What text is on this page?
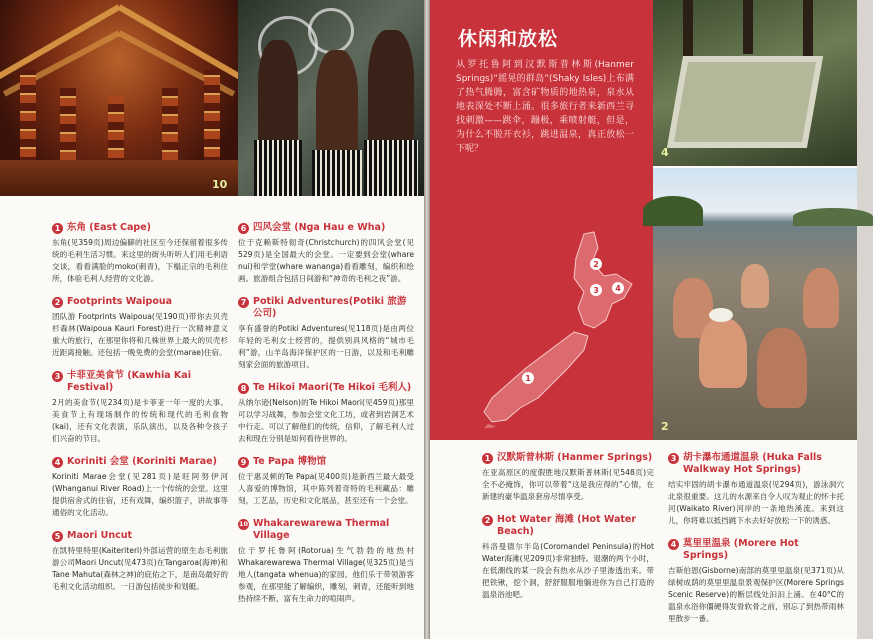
10
1 东角 (East Cape)
东角(见359页)周边偏僻的社区至今还保留着很多传统的毛利生活习惯。来这里的街头听听人们用毛利语交谈，看看满脸的moko(刺青)，下榻正宗的毛利住所，体验毛利人经营的文化游。
2 Footprints Waipoua
团队游 Footprints Waipoua(见190页)带你去贝壳杉森林(Waipoua Kauri Forest)进行一次精神意义重大的旅行，在那里你将和几株世界上最大的贝壳杉近距离接触。还包括一晚免费的会堂(marae)住宿。
3 卡菲亚美食节 (Kawhia Kai Festival)
2月的美食节(见234页)是卡菲亚一年一度的大事。美食节上有现场制作的传统和现代的毛利食物(kai)，还有文化表演，乐队演出，以及各种令孩子们兴奋的节目。
4 Koriniti 会堂 (Koriniti Marae)
Koriniti Marae会堂(见281页)是旺阿努伊河(Whanganui River Road)上一个传统的会堂。这里提供宿舍式的住宿，还有戏舞，编织篮子，讲故事等通俗的文化活动。
5 Maori Uncut
在凯特里特里(Kaiteriteri)外部运营的原生态毛利旅游公司Maori Uncut(见473页)在Tangaroa(海神)和Tane Mahuta(森林之神)的庇佑之下，是南岛最好的毛利文化活动组织。一日游包括徒步和划艇。
6 四风会堂 (Nga Hau e Wha)
位于克赖斯特彻奇(Christchurch)的四风会堂(见529页)是全国最大的会堂。一定要到会堂(whare nui)和学堂(whare wananga)看看雕刻，编织和绘画。旅游组合包括日间游和“神奇的毛利之夜”游。
7 Potiki Adventures(Potiki 旅游公司)
享有盛誉的Potiki Adventures(见118页)是由两位年轻的毛利女士经营的，提供别具风格的“城市毛利”游，山羊岛海洋保护区的一日游，以及和毛利雕刻家会面的旅游项目。
8 Te Hikoi Maori(Te Hikoi 毛利人)
从纳尔逊(Nelson)的Te Hikoi Maori(见459页)那里可以学习战舞，参加会堂文化工坊，或者到岩洞艺术中行走。可以了解他们的传统，信仰，了解毛利人过去和现在分别是如何看待世界的。
9 Te Papa 博物馆
位于惠灵顿的Te Papa(见400页)是新西兰最大最受人喜爱的博物馆，其中陈列着奇特的毛利藏品：雕刻，工艺品，历史和文化展品，甚至还有一个会堂。
10 Whakarewarewa Thermal Village
位于罗托鲁阿(Rotorua)生气勃勃的地热村Whakarewarewa Thermal Village(见325页)是当地人(tangata whenua)的家园。他们乐于带领游客参观，在那里能了解编织，雕刻，刺青，还能听到地热持续不断，富有生命力的喧闹声。
休闲和放松
从罗托鲁阿到汉默斯普林斯(Hanmer Springs)“摇晃的群岛”(Shaky Isles)上布满了热气腾腾，富含矿物质的地热泉，泉水从地表深处不断上涌。很多旅行者来新西兰寻找刺激——跳伞，蹦极，乘喷射艇，但是，为什么不脱开衣衫，跳进温泉，真正放松一下呢？
1
2
3 4
4
2
1 汉默斯普林斯 (Hanmer Springs)
在亚高原区的度假胜地汉默斯普林斯(见548页)完全不必掩饰，你可以带着“这是我应得的”心情，在新建的豪华温泉套房尽情享受。
2 Hot Water 海滩 (Hot Water Beach)
科洛曼德尔半岛(Coromandel Peninsula)的Hot Water海滩(见209页)非常独特。退潮的两个小时，在低潮线的某一段会有热水从沙子里渗透出来。带把铁锹，挖个洞，舒舒服服地躺进你为自己打造的温泉浴池吧。
3 胡卡瀑布通道温泉 (Huka Falls Walkway Hot Springs)
结实牢固的胡卡瀑布通道温泉(见294页)，游泳洞穴北泉很重要。这儿的水源来自令人叹为观止的怀卡托河(Waikato River)河岸的一条地热溪流。来到这儿，你将难以抵挡跳下水去好好放松一下的诱惑。
4 莫里里温泉 (Morere Hot Springs)
吉斯伯恩(Gisborne)南部的莫里里温泉(见371页)从绿树成荫的莫里里温泉景观保护区(Morere Springs Scenic Reserve)的断层线处汩汩上涌。在40°C的温泉水浴你僵硬得发骨软骨之前，别忘了到热带雨林里散步一番。
